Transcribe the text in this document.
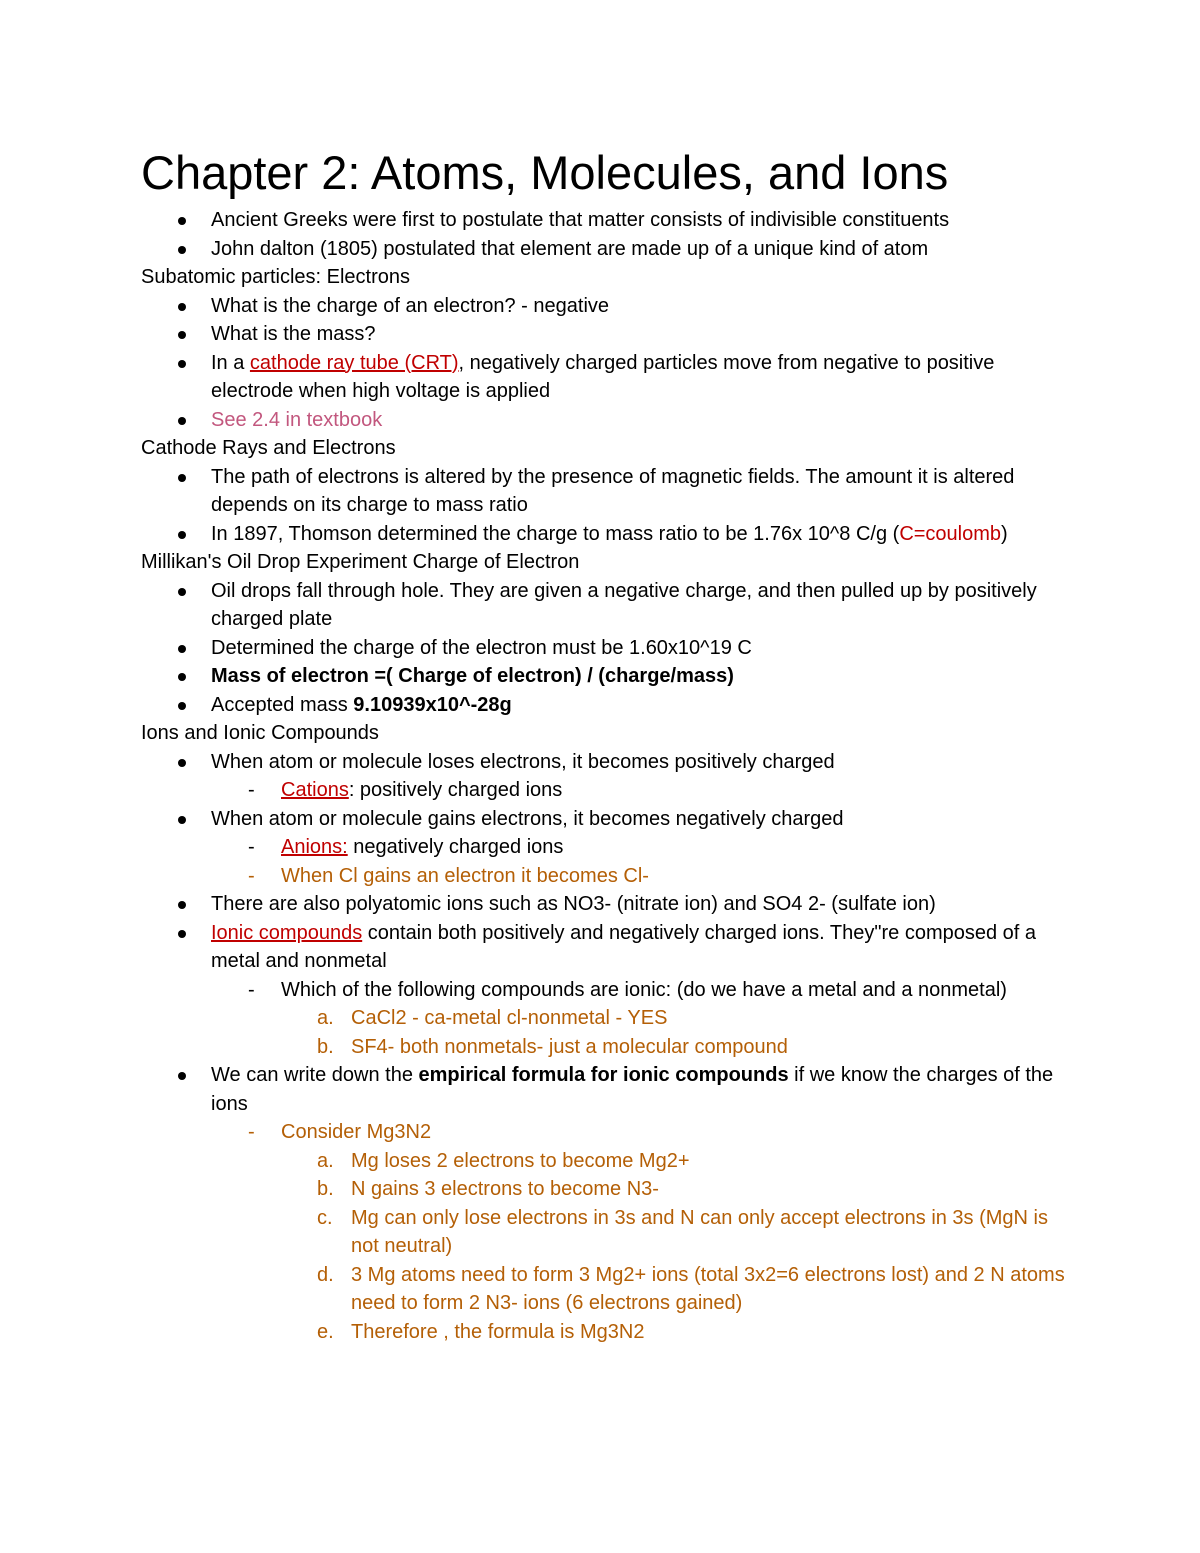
Chapter 2: Atoms, Molecules, and Ions
Ancient Greeks were first to postulate that matter consists of indivisible constituents
John dalton (1805) postulated that element are made up of a unique kind of atom

Subatomic particles: Electrons

What is the charge of an electron? - negative
What is the mass?
In a cathode ray tube (CRT), negatively charged particles move from negative to positive electrode when high voltage is applied
See 2.4 in textbook

Cathode Rays and Electrons

The path of electrons is altered by the presence of magnetic fields. The amount it is altered depends on its charge to mass ratio
In 1897, Thomson determined the charge to mass ratio to be 1.76x 10^8 C/g (C=coulomb)

Millikan's Oil Drop Experiment Charge of Electron

Oil drops fall through hole. They are given a negative charge, and then pulled up by positively charged plate
Determined the charge of the electron must be 1.60x10^19 C
Mass of electron =( Charge of electron) / (charge/mass)
Accepted mass 9.10939x10^-28g

Ions and Ionic Compounds

When atom or molecule loses electrons, it becomes positively charged
- Cations: positively charged ions
When atom or molecule gains electrons, it becomes negatively charged
- Anions: negatively charged ions
- When Cl gains an electron it becomes Cl-
There are also polyatomic ions such as NO3- (nitrate ion) and SO4 2- (sulfate ion)
Ionic compounds contain both positively and negatively charged ions. They"re composed of a metal and nonmetal
- Which of the following compounds are ionic: (do we have a metal and a nonmetal)
a. CaCl2 - ca-metal cl-nonmetal - YES
b. SF4- both nonmetals- just a molecular compound
We can write down the empirical formula for ionic compounds if we know the charges of the ions
- Consider Mg3N2
a. Mg loses 2 electrons to become Mg2+
b. N gains 3 electrons to become N3-
c. Mg can only lose electrons in 3s and N can only accept electrons in 3s (MgN is not neutral)
d. 3 Mg atoms need to form 3 Mg2+ ions (total 3x2=6 electrons lost) and 2 N atoms need to form 2 N3- ions (6 electrons gained)
e. Therefore , the formula is Mg3N2
